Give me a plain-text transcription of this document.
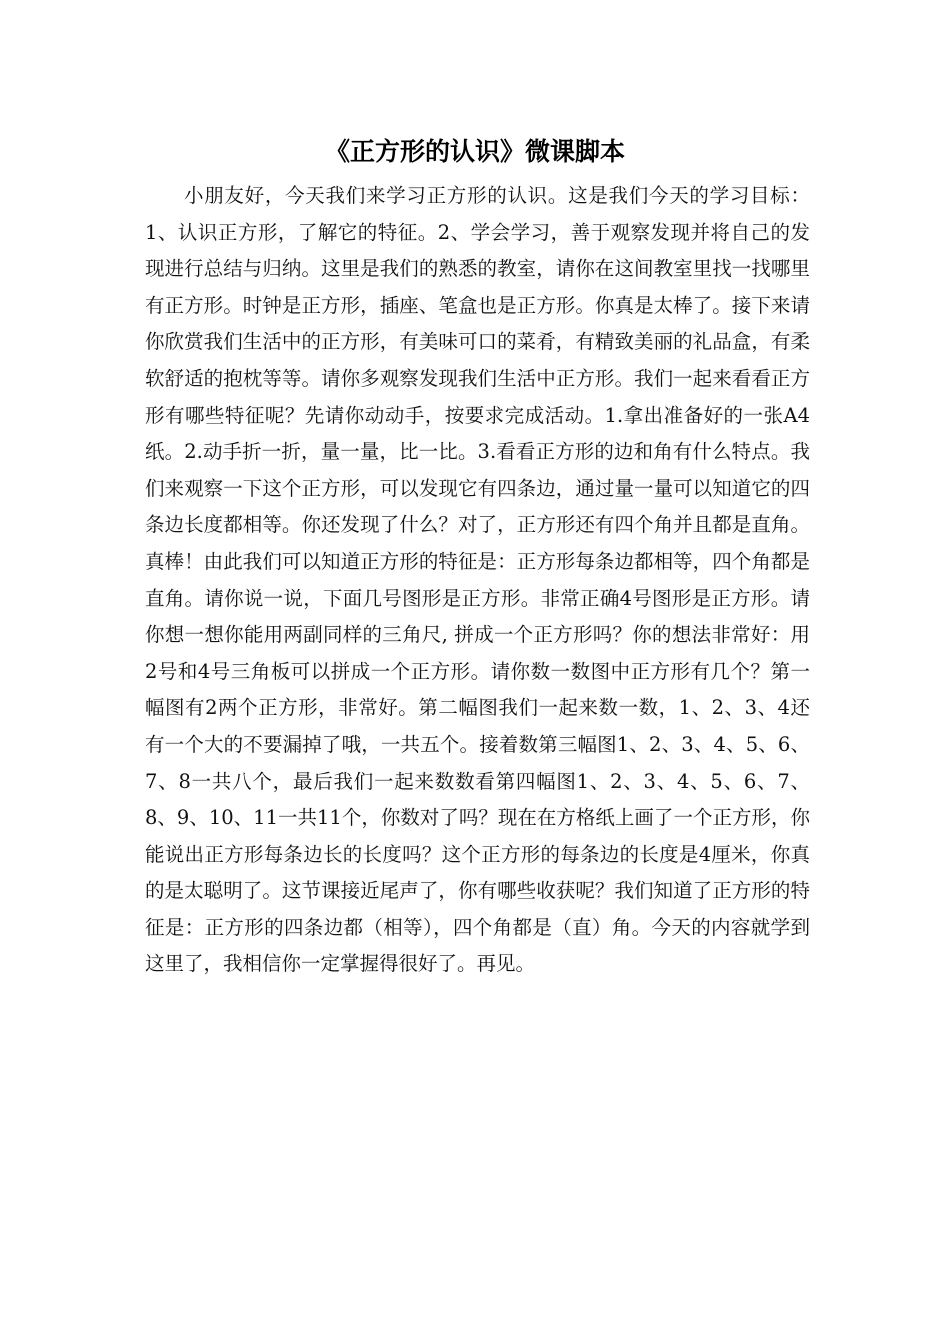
《正方形的认识》微课脚本

小朋友好，今天我们来学习正方形的认识。这是我们今天的学习目标：1、认识正方形，了解它的特征。2、学会学习，善于观察发现并将自己的发现进行总结与归纳。这里是我们的熟悉的教室，请你在这间教室里找一找哪里有正方形。时钟是正方形，插座、笔盒也是正方形。你真是太棒了。接下来请你欣赏我们生活中的正方形，有美味可口的菜肴，有精致美丽的礼品盒，有柔软舒适的抱枕等等。请你多观察发现我们生活中正方形。我们一起来看看正方形有哪些特征呢？先请你动动手，按要求完成活动。1.拿出准备好的一张A4纸。2.动手折一折，量一量，比一比。3.看看正方形的边和角有什么特点。我们来观察一下这个正方形，可以发现它有四条边，通过量一量可以知道它的四条边长度都相等。你还发现了什么？对了，正方形还有四个角并且都是直角。真棒！由此我们可以知道正方形的特征是：正方形每条边都相等，四个角都是直角。请你说一说，下面几号图形是正方形。非常正确4号图形是正方形。请你想一想你能用两副同样的三角尺, 拼成一个正方形吗？你的想法非常好：用2号和4号三角板可以拼成一个正方形。请你数一数图中正方形有几个？第一幅图有2两个正方形，非常好。第二幅图我们一起来数一数，1、2、3、4还有一个大的不要漏掉了哦，一共五个。接着数第三幅图1、2、3、4、5、6、7、8一共八个，最后我们一起来数数看第四幅图1、2、3、4、5、6、7、8、9、10、11一共11个，你数对了吗？现在在方格纸上画了一个正方形，你能说出正方形每条边长的长度吗？这个正方形的每条边的长度是4厘米，你真的是太聪明了。这节课接近尾声了，你有哪些收获呢？我们知道了正方形的特征是：正方形的四条边都（相等），四个角都是（直）角。今天的内容就学到这里了，我相信你一定掌握得很好了。再见。
